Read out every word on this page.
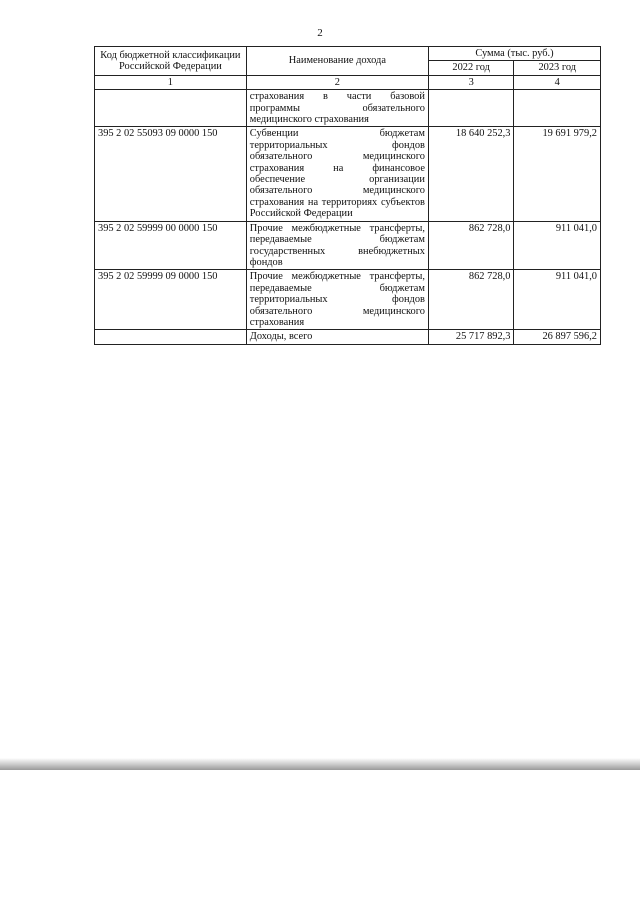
2
Код бюджетной классификации Российской Федерации	Наименование дохода	Сумма (тыс. руб.)	
		2022 год	2023 год
1	2	3	4
	страхования в части базовой программы обязательного медицинского страхования		
395 2 02 55093 09 0000 150	Субвенции бюджетам территориальных фондов обязательного медицинского страхования на финансовое обеспечение организации обязательного медицинского страхования на территориях субъектов Российской Федерации	18 640 252,3	19 691 979,2
395 2 02 59999 00 0000 150	Прочие межбюджетные трансферты, передаваемые бюджетам государственных внебюджетных фондов	862 728,0	911 041,0
395 2 02 59999 09 0000 150	Прочие межбюджетные трансферты, передаваемые бюджетам территориальных фондов обязательного медицинского страхования	862 728,0	911 041,0
	Доходы, всего	25 717 892,3	26 897 596,2
